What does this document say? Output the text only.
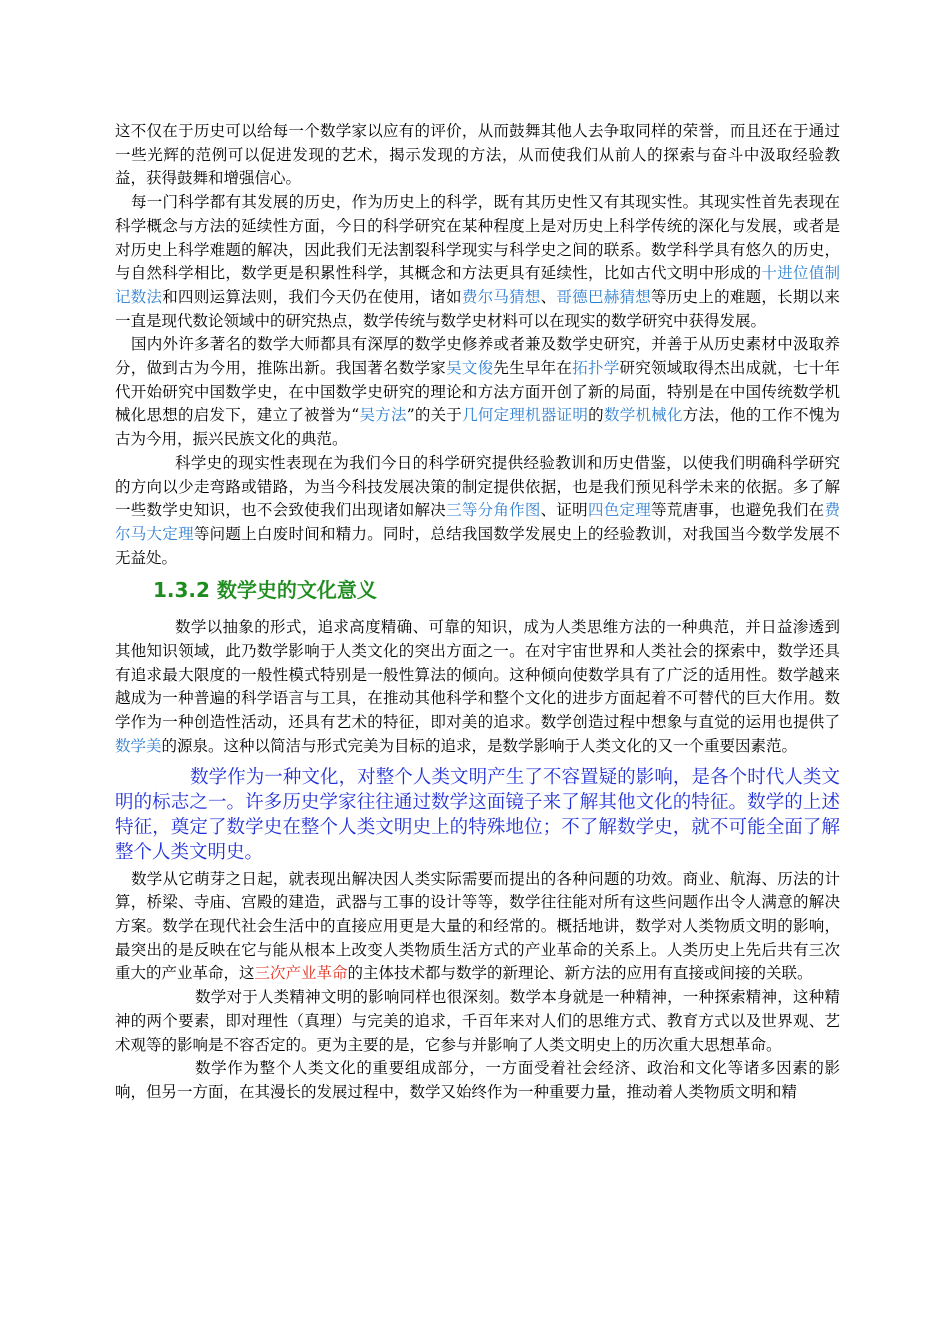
这不仅在于历史可以给每一个数学家以应有的评价，从而鼓舞其他人去争取同样的荣誉，而且还在于通过一些光辉的范例可以促进发现的艺术，揭示发现的方法，从而使我们从前人的探索与奋斗中汲取经验教益，获得鼓舞和增强信心。

每一门科学都有其发展的历史，作为历史上的科学，既有其历史性又有其现实性。其现实性首先表现在科学概念与方法的延续性方面，今日的科学研究在某种程度上是对历史上科学传统的深化与发展，或者是对历史上科学难题的解决，因此我们无法割裂科学现实与科学史之间的联系。数学科学具有悠久的历史，与自然科学相比，数学更是积累性科学，其概念和方法更具有延续性，比如古代文明中形成的十进位值制记数法和四则运算法则，我们今天仍在使用，诸如费尔马猜想、哥德巴赫猜想等历史上的难题，长期以来一直是现代数论领域中的研究热点，数学传统与数学史材料可以在现实的数学研究中获得发展。

国内外许多著名的数学大师都具有深厚的数学史修养或者兼及数学史研究，并善于从历史素材中汲取养分，做到古为今用，推陈出新。我国著名数学家吴文俊先生早年在拓扑学研究领域取得杰出成就，七十年代开始研究中国数学史，在中国数学史研究的理论和方法方面开创了新的局面，特别是在中国传统数学机械化思想的启发下，建立了被誉为“吴方法”的关于几何定理机器证明的数学机械化方法，他的工作不愧为古为今用，振兴民族文化的典范。

科学史的现实性表现在为我们今日的科学研究提供经验教训和历史借鉴，以使我们明确科学研究的方向以少走弯路或错路，为当今科技发展决策的制定提供依据，也是我们预见科学未来的依据。多了解一些数学史知识，也不会致使我们出现诸如解决三等分角作图、证明四色定理等荒唐事，也避免我们在费尔马大定理等问题上白废时间和精力。同时，总结我国数学发展史上的经验教训，对我国当今数学发展不无益处。

1.3.2 数学史的文化意义

数学以抽象的形式，追求高度精确、可靠的知识，成为人类思维方法的一种典范，并日益渗透到其他知识领域，此乃数学影响于人类文化的突出方面之一。在对宇宙世界和人类社会的探索中，数学还具有追求最大限度的一般性模式特别是一般性算法的倾向。这种倾向使数学具有了广泛的适用性。数学越来越成为一种普遍的科学语言与工具，在推动其他科学和整个文化的进步方面起着不可替代的巨大作用。数学作为一种创造性活动，还具有艺术的特征，即对美的追求。数学创造过程中想象与直觉的运用也提供了数学美的源泉。这种以简洁与形式完美为目标的追求，是数学影响于人类文化的又一个重要因素范。

数学作为一种文化，对整个人类文明产生了不容置疑的影响，是各个时代人类文明的标志之一。许多历史学家往往通过数学这面镜子来了解其他文化的特征。数学的上述特征，奠定了数学史在整个人类文明史上的特殊地位；不了解数学史，就不可能全面了解整个人类文明史。

数学从它萌芽之日起，就表现出解决因人类实际需要而提出的各种问题的功效。商业、航海、历法的计算，桥梁、寺庙、宫殿的建造，武器与工事的设计等等，数学往往能对所有这些问题作出令人满意的解决方案。数学在现代社会生活中的直接应用更是大量的和经常的。概括地讲，数学对人类物质文明的影响，最突出的是反映在它与能从根本上改变人类物质生活方式的产业革命的关系上。人类历史上先后共有三次重大的产业革命，这三次产业革命的主体技术都与数学的新理论、新方法的应用有直接或间接的关联。

数学对于人类精神文明的影响同样也很深刻。数学本身就是一种精神，一种探索精神，这种精神的两个要素，即对理性（真理）与完美的追求，千百年来对人们的思维方式、教育方式以及世界观、艺术观等的影响是不容否定的。更为主要的是，它参与并影响了人类文明史上的历次重大思想革命。

数学作为整个人类文化的重要组成部分，一方面受着社会经济、政治和文化等诸多因素的影响，但另一方面，在其漫长的发展过程中，数学又始终作为一种重要力量，推动着人类物质文明和精
